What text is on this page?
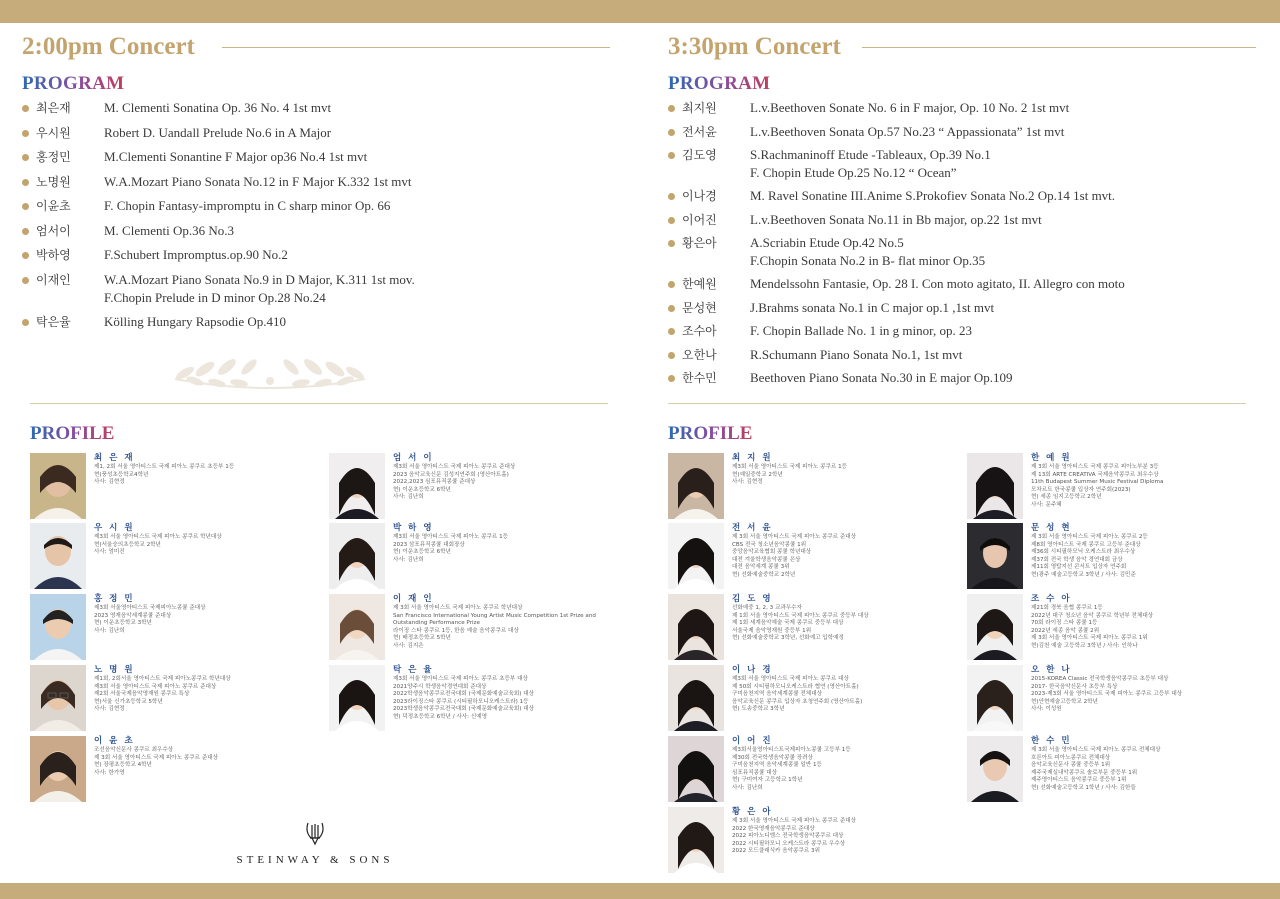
2:00pm Concert
PROGRAM
최은재	M. Clementi Sonatina Op. 36 No. 4 1st mvt
우시원	Robert D. Uandall Prelude No.6 in A Major
홍정민	M.Clementi Sonantine F Major op36 No.4 1st mvt
노명원	W.A.Mozart Piano Sonata No.12 in F Major K.332 1st mvt
이윤초	F. Chopin Fantasy-impromptu in C sharp minor Op. 66
엄서이	M. Clementi Op.36 No.3
박하영	F.Schubert Impromptus.op.90 No.2
이재인	W.A.Mozart Piano Sonata No.9 in D Major, K.311 1st mov.
F.Chopin Prelude in D minor Op.28 No.24
탁은율	Kölling Hungary Rapsodie Op.410
PROFILE
최 은 재
제1, 2회 서울 영아티스트 국제 피아노 콩쿠르 초등부 1등
현)풍성초등학교4학년
사사: 김현정
우 시 원
제3회 서울 영아티스트 국제 피아노 콩쿠르 학년대상
현)서울숭의초등학교 2학년
사사: 엄미진
홍 정 민
제3회 서울영아티스트 국제피아노콩쿨 준대상
2023 영재음악세계콩쿨 준대상
현) 이운초등학교 3학년
사사: 김난희
노 명 원
제1회, 2회서울 영아티스트 국제 피아노콩쿠르 학년대상
제3회 서울 영아티스트 국제 피아노 콩쿠르 준대상
제2회 서울국제음악영재원 콩쿠르 특상
현)서울 신가초등학교 5학년
사사: 김현정
이 윤 초
조선음악신문사 콩쿠르 최우수상
제 3회 서울 영아티스트 국제 피아노 콩쿠르 준대상
현) 장평초등학교 4학년
사사: 한가영
엄 서 이
제3회 서울 영아티스트 국제 피아노 콩쿠르 준대상
2023 음악교육신문 김성지연주회 (영산아트홀)
2022,2023 심포뮤직콩쿨 준대상
현) 이운초등학교 6학년
사사: 김난희
박 하 영
제3회 서울 영아티스트 국제 피아노 콩쿠르 1등
2023 삼포뮤직콩쿨 대회장상
현) 이운초등학교 6학년
사사: 김난희
이 재 인
제 3회 서울 영아티스트 국제 피아노 콩쿠르 학년대상
San Francisco International Young Artist Music Competition 1st Prize and
Outstanding Performance Prize
라이징 스타 콩쿠르 1등, 한음 예술 음악콩쿠르 대상
현) 배정초등학교 5학년
사사: 김지은
탁 은 율
제3회 서울 영아티스트 국제 피아노 콩쿠르 초등부 대상
2021양주시 학생음악경연대회 준대상
2022학생음악콩쿠르전국대회 (국제문화예술교육회) 대상
2023라이징스타 콩쿠르 (시티필하모니오케스트라) 1등
2023학생음악콩쿠르전국대회 (국제문화예술교육회) 대상
현) 덕정초등학교 6학년 / 사사: 신예영
STEINWAY & SONS
3:30pm Concert
PROGRAM
최지원	L.v.Beethoven Sonate No. 6 in F major, Op. 10 No. 2 1st mvt
전서윤	L.v.Beethoven Sonata Op.57 No.23 “ Appassionata” 1st mvt
김도영	S.Rachmaninoff Etude -Tableaux, Op.39 No.1
F. Chopin Etude Op.25 No.12 “ Ocean”
이나경	M. Ravel Sonatine III.Anime S.Prokofiev Sonata No.2 Op.14 1st mvt.
이어진	L.v.Beethoven Sonata No.11 in Bb major, op.22 1st mvt
황은아	A.Scriabin Etude Op.42 No.5
F.Chopin Sonata No.2 in B- flat minor Op.35
한예원	Mendelssohn Fantasie, Op. 28 I. Con moto agitato, II. Allegro con moto
문성현	J.Brahms sonata No.1 in C major op.1 ,1st mvt
조수아	F. Chopin Ballade No. 1 in g minor, op. 23
오한나	R.Schumann Piano Sonata No.1, 1st mvt
한수민	Beethoven Piano Sonata No.30 in E major Op.109
PROFILE
최 지 원
제3회 서울 영아티스트 국제 피아노 콩쿠르 1등
현)예일중학교 2학년
사사: 김현정
전 서 윤
제 3회 서울 영아티스트 국제 피아노 콩쿠르 준대상
CBS 전국 청소년음악콩쿨 1위
중앙음악교육협회 콩쿨 학년대상
대전 겨울학생음악콩쿨 은상
대전 음악세계 콩쿨 3위
현) 선화예술중학교 2학년
김 도 영
선화예중 1, 2, 3 교과우수자
제 1회 서울 영아티스트 국제 피아노 콩쿠르 중등부 대상
제 1회 세계음악예술 국제 콩쿠르 중등부 대상
서울국제 음악영재원 중등부 1위
현) 선화예술중학교 3학년, 선화예고 입학예정
이 나 경
제3회 서울 영아티스트 국제 피아노 콩쿠르 대상
제 50회 시티필하모니오케스트라 협연 (영산아트홀)
구미음천지역 음악세계콩쿨 전체대상
음악교육신문 콩쿠르 입상자 초청연주회 (영산아트홀)
현) 도송중학교 3학년
이 어 진
제3회서울영아티스트국제피아노콩쿨 고등부 1등
제30회 전국학생음악콩쿨 장려상
구미음천지역 음악세계콩쿨 일반 1등
심포뮤직콩쿨 대상
현) 구미여자 고등학교 1학년
사사: 김난희
황 은 아
제 3회 서울 영아티스트 국제 피아노 콩쿠르 준대상
2022 한국영재음악콩쿠르 준대상
2022 피아노디엠스 전국학생음악콩쿠르 대상
2022 시티필하모니 오케스트라 콩쿠르 우수상
2022 모드클래식카 음악콩쿠르 3위
한 예 원
제 3회 서울 영아티스트 국제 콩쿠르 피아노부분 3등
제 13회 ARTE CREATIVA 국제음악콩쿠르 최우수상
11th Budapest Summer Music Festival Diploma
모차르트 한국콩쿨 입상자 연주회(2023)
현) 세종 임지고등학교 2학년
사사: 문주혜
문 성 현
제 3회 서울 영아티스트 국제 피아노 콩쿠르 2등
제8회 영아티스트 국제 콩쿠르 고등부 준대상
제36회 시티필하모닉 오케스트라 최우수상
제37회 전국 학생 음악 경연대회 금상
제11회 영탑지선 콘서트 입상자 연주회
현)광주 예술고등학교 3학년 / 사사: 김민준
조 수 아
제21회 경북 음협 콩쿠르 1등
2022년 대구 청소년 음악 콩쿠르 학년부 전체대상
70회 라이징 스타 콩쿨 1등
2022년 세종 음악 콩쿨 2위
제 3회 서울 영아티스트 국제 피아노 콩쿠르 1위
현)김천 예술 고등학교 3학년 / 사사: 인하나
오 한 나
2015-KOREA Classic 전국학생음악콩쿠르 초등부 대상
2017- 한국음악신문사 초등부 특상
2023-제3회 서울 영아티스트 국제 피아노 콩쿠르 고등부 대상
현)안현예술고등학교 2학년
사사: 이성원
한 수 민
제 3회 서울 영아티스트 국제 피아노 콩쿠르 전체대상
호른아트 피아노콩쿠르 전체대상
음악교육신문사 콩쿨 중등부 1위
제주국제실내악콩쿠르 솔로부문 중등부 1위
제주영아티스트 음악콩쿠르 중등부 1위
현) 선화예술고등학교 1학년 / 사사: 김한들
